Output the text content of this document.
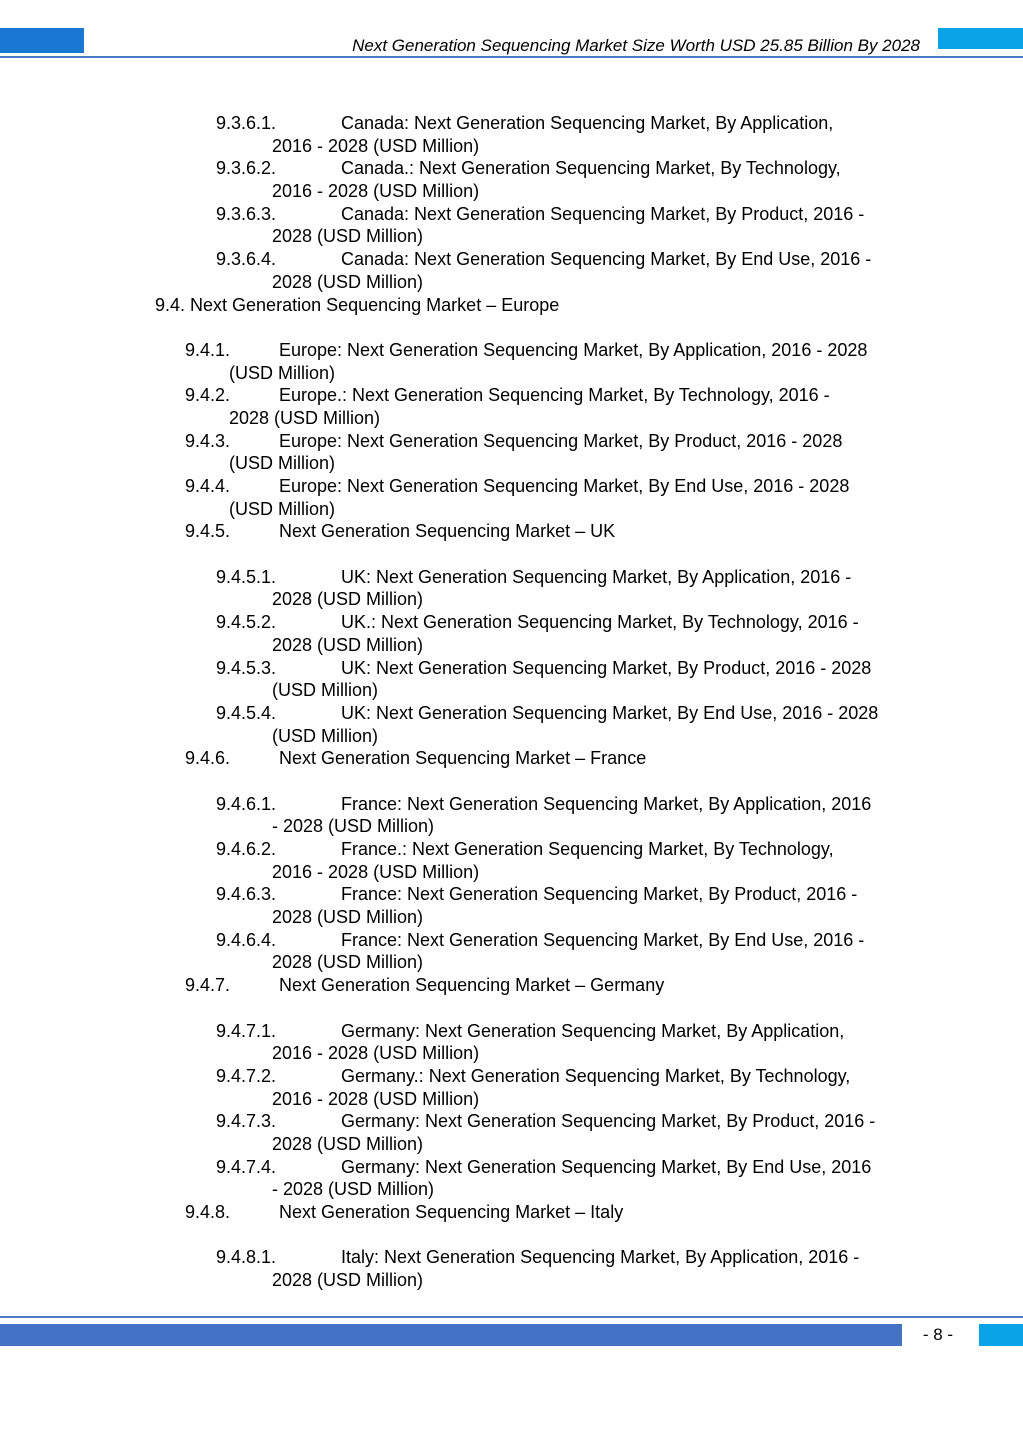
Next Generation Sequencing Market Size Worth USD 25.85 Billion By 2028
9.3.6.1.	Canada: Next Generation Sequencing Market, By Application,
2016 - 2028 (USD Million)
9.3.6.2.	Canada.: Next Generation Sequencing Market, By Technology,
2016 - 2028 (USD Million)
9.3.6.3.	Canada: Next Generation Sequencing Market, By Product, 2016 -
2028 (USD Million)
9.3.6.4.	Canada: Next Generation Sequencing Market, By End Use, 2016 -
2028 (USD Million)
9.4. Next Generation Sequencing Market – Europe
9.4.1.	Europe: Next Generation Sequencing Market, By Application, 2016 - 2028
(USD Million)
9.4.2.	Europe.: Next Generation Sequencing Market, By Technology, 2016 -
2028 (USD Million)
9.4.3.	Europe: Next Generation Sequencing Market, By Product, 2016 - 2028
(USD Million)
9.4.4.	Europe: Next Generation Sequencing Market, By End Use, 2016 - 2028
(USD Million)
9.4.5.	Next Generation Sequencing Market – UK
9.4.5.1.	UK: Next Generation Sequencing Market, By Application, 2016 -
2028 (USD Million)
9.4.5.2.	UK.: Next Generation Sequencing Market, By Technology, 2016 -
2028 (USD Million)
9.4.5.3.	UK: Next Generation Sequencing Market, By Product, 2016 - 2028
(USD Million)
9.4.5.4.	UK: Next Generation Sequencing Market, By End Use, 2016 - 2028
(USD Million)
9.4.6.	Next Generation Sequencing Market – France
9.4.6.1.	France: Next Generation Sequencing Market, By Application, 2016
- 2028 (USD Million)
9.4.6.2.	France.: Next Generation Sequencing Market, By Technology,
2016 - 2028 (USD Million)
9.4.6.3.	France: Next Generation Sequencing Market, By Product, 2016 -
2028 (USD Million)
9.4.6.4.	France: Next Generation Sequencing Market, By End Use, 2016 -
2028 (USD Million)
9.4.7.	Next Generation Sequencing Market – Germany
9.4.7.1.	Germany: Next Generation Sequencing Market, By Application,
2016 - 2028 (USD Million)
9.4.7.2.	Germany.: Next Generation Sequencing Market, By Technology,
2016 - 2028 (USD Million)
9.4.7.3.	Germany: Next Generation Sequencing Market, By Product, 2016 -
2028 (USD Million)
9.4.7.4.	Germany: Next Generation Sequencing Market, By End Use, 2016
- 2028 (USD Million)
9.4.8.	Next Generation Sequencing Market – Italy
9.4.8.1.	Italy: Next Generation Sequencing Market, By Application, 2016 -
2028 (USD Million)
- 8 -
